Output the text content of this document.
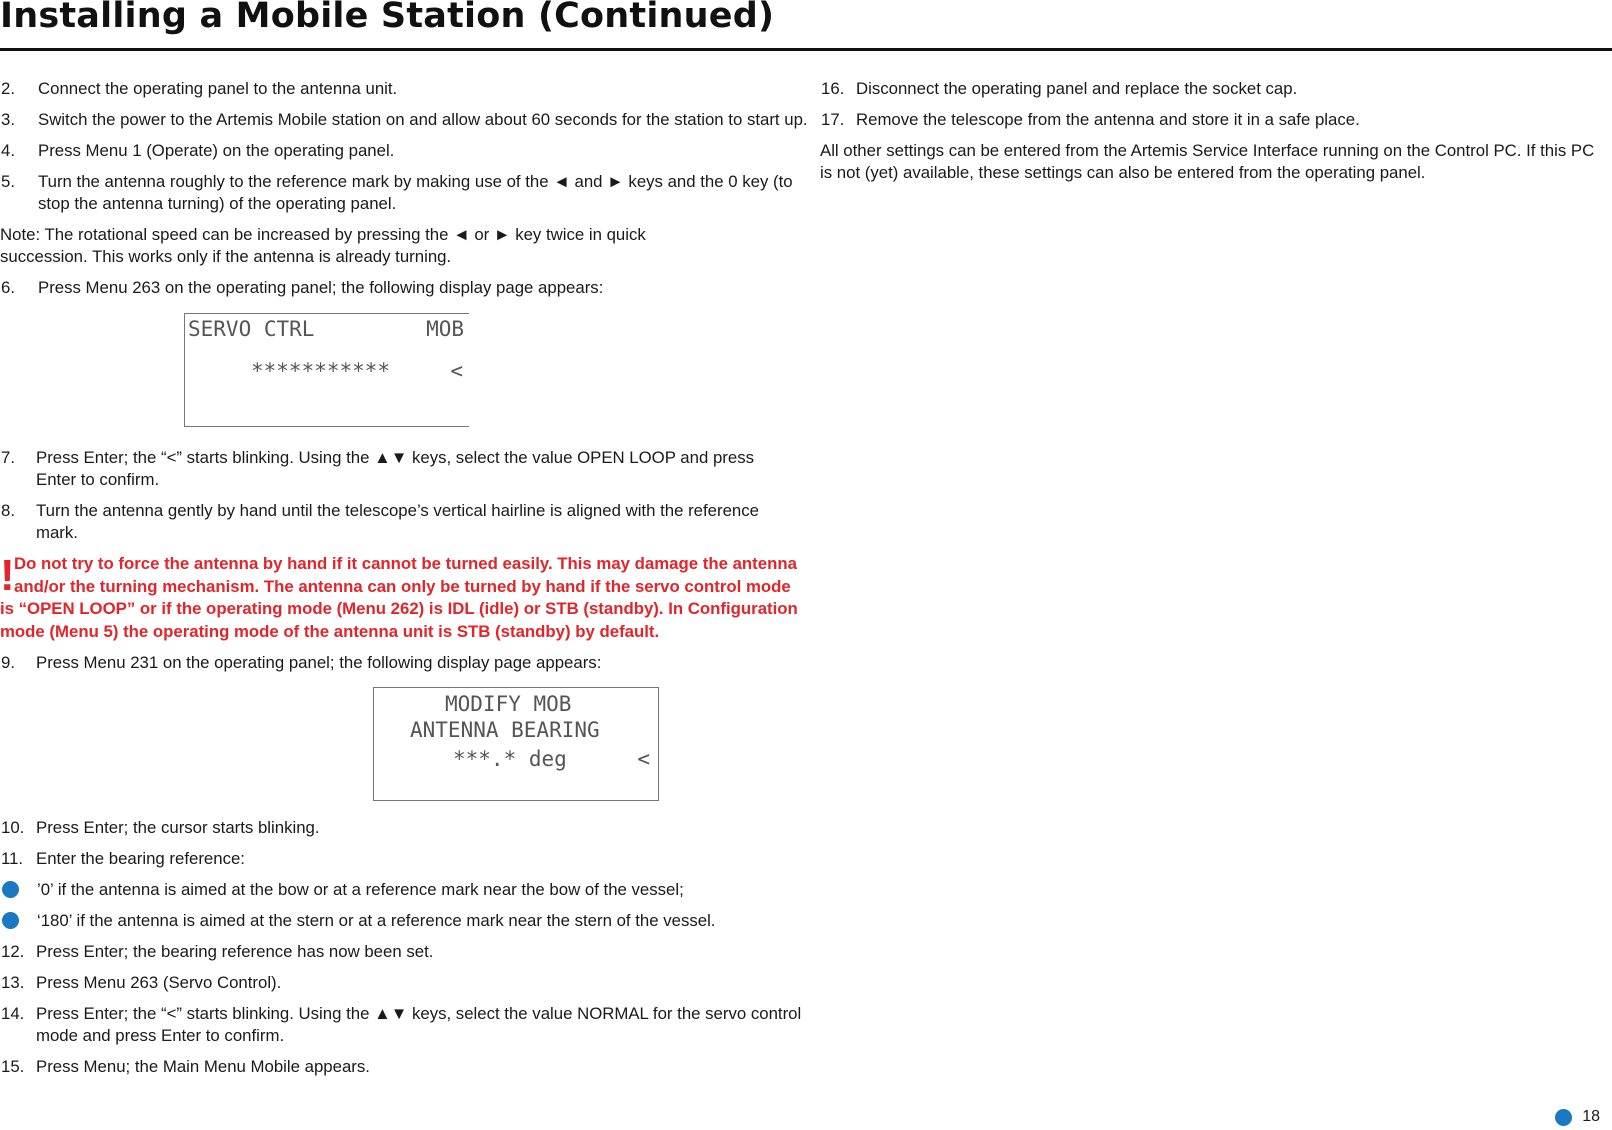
Installing a Mobile Station (Continued)
2.	Connect the operating panel to the antenna unit.
3.	Switch the power to the Artemis Mobile station on and allow about 60 seconds for the station to start up.
4.	Press Menu 1 (Operate) on the operating panel.
5.	Turn the antenna roughly to the reference mark by making use of the ◄ and ► keys and the 0 key (to stop the antenna turning) of the operating panel.
Note: The rotational speed can be increased by pressing the ◄ or ► key twice in quick succession. This works only if the antenna is already turning.
6.	Press Menu 263 on the operating panel; the following display page appears:
SERVO CTRL	MOB
***********	<
7.	Press Enter; the “<” starts blinking. Using the ▲▼ keys, select the value OPEN LOOP and press Enter to confirm.
8.	Turn the antenna gently by hand until the telescope’s vertical hairline is aligned with the reference mark.
! Do not try to force the antenna by hand if it cannot be turned easily. This may damage the antenna and/or the turning mechanism. The antenna can only be turned by hand if the servo control mode is “OPEN LOOP” or if the operating mode (Menu 262) is IDL (idle) or STB (standby). In Configuration mode (Menu 5) the operating mode of the antenna unit is STB (standby) by default.
9.	Press Menu 231 on the operating panel; the following display page appears:
MODIFY MOB
ANTENNA BEARING
***.* deg	<
10. Press Enter; the cursor starts blinking.
11. Enter the bearing reference:
’0’ if the antenna is aimed at the bow or at a reference mark near the bow of the vessel;
‘180’ if the antenna is aimed at the stern or at a reference mark near the stern of the vessel.
12. Press Enter; the bearing reference has now been set.
13. Press Menu 263 (Servo Control).
14. Press Enter; the “<” starts blinking. Using the ▲▼ keys, select the value NORMAL for the servo control mode and press Enter to confirm.
15. Press Menu; the Main Menu Mobile appears.
16. Disconnect the operating panel and replace the socket cap.
17. Remove the telescope from the antenna and store it in a safe place.
All other settings can be entered from the Artemis Service Interface running on the Control PC. If this PC is not (yet) available, these settings can also be entered from the operating panel.
18
